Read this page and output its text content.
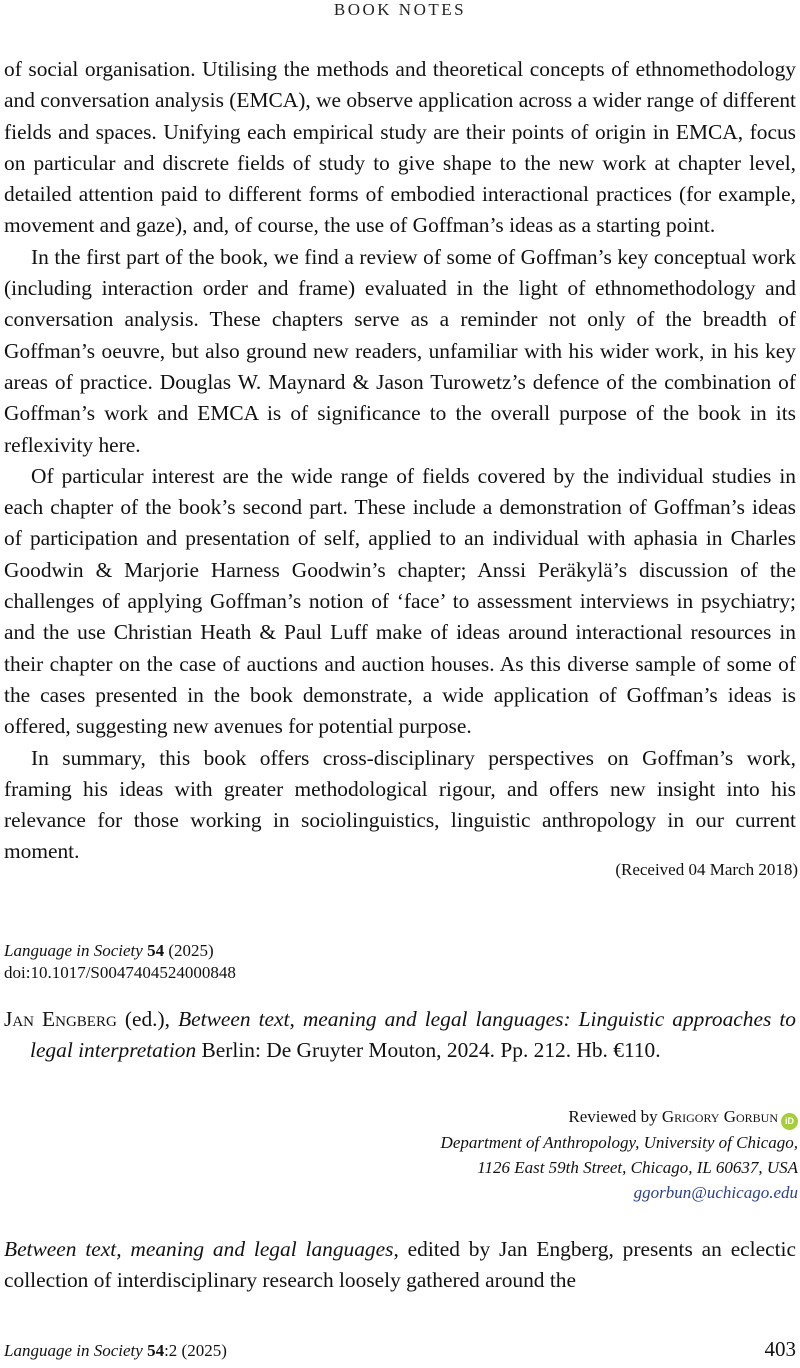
BOOK NOTES

of social organisation. Utilising the methods and theoretical concepts of ethnomethodology and conversation analysis (EMCA), we observe application across a wider range of different fields and spaces. Unifying each empirical study are their points of origin in EMCA, focus on particular and discrete fields of study to give shape to the new work at chapter level, detailed attention paid to different forms of embodied interactional practices (for example, movement and gaze), and, of course, the use of Goffman’s ideas as a starting point.

In the first part of the book, we find a review of some of Goffman’s key conceptual work (including interaction order and frame) evaluated in the light of ethnomethodology and conversation analysis. These chapters serve as a reminder not only of the breadth of Goffman’s oeuvre, but also ground new readers, unfamiliar with his wider work, in his key areas of practice. Douglas W. Maynard & Jason Turowetz’s defence of the combination of Goffman’s work and EMCA is of significance to the overall purpose of the book in its reflexivity here.

Of particular interest are the wide range of fields covered by the individual studies in each chapter of the book’s second part. These include a demonstration of Goffman’s ideas of participation and presentation of self, applied to an individual with aphasia in Charles Goodwin & Marjorie Harness Goodwin’s chapter; Anssi Peräkylä’s discussion of the challenges of applying Goffman’s notion of ‘face’ to assessment interviews in psychiatry; and the use Christian Heath & Paul Luff make of ideas around interactional resources in their chapter on the case of auctions and auction houses. As this diverse sample of some of the cases presented in the book demonstrate, a wide application of Goffman’s ideas is offered, suggesting new avenues for potential purpose.

In summary, this book offers cross-disciplinary perspectives on Goffman’s work, framing his ideas with greater methodological rigour, and offers new insight into his relevance for those working in sociolinguistics, linguistic anthropology in our current moment.

(Received 04 March 2018)
Language in Society 54 (2025)
doi:10.1017/S0047404524000848
Jan Engberg (ed.), Between text, meaning and legal languages: Linguistic approaches to legal interpretation Berlin: De Gruyter Mouton, 2024. Pp. 212. Hb. €110.
Reviewed by Grigory Gorbun iD
Department of Anthropology, University of Chicago,
1126 East 59th Street, Chicago, IL 60637, USA
ggorbun@uchicago.edu

Between text, meaning and legal languages, edited by Jan Engberg, presents an eclectic collection of interdisciplinary research loosely gathered around the

Language in Society 54:2 (2025)	403
